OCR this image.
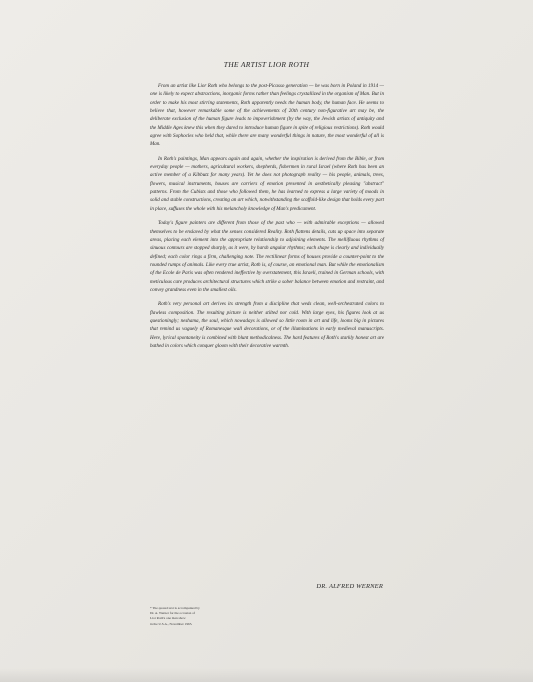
THE ARTIST LIOR ROTH

From an artist like Lior Roth who belongs to the post-Picasso generation — he was born in Poland in 1914 — one is likely to expect abstractions, inorganic forms rather than feelings crystallized in the organism of Man. But in order to make his most stirring statements, Roth apparently needs the human body, the human face. He seems to believe that, however remarkable some of the achievements of 20th century non-figurative art may be, the deliberate exclusion of the human figure leads to impoverishment (by the way, the Jewish artists of antiquity and the Middle Ages knew this when they dared to introduce human figure in spite of religious restrictions). Roth would agree with Sophocles who held that, while there are many wonderful things in nature, the most wonderful of all is Man.

In Roth's paintings, Man appears again and again, whether the inspiration is derived from the Bible, or from everyday people — mothers, agricultural workers, shepherds, fishermen in rural Israel (where Roth has been an active member of a Kibbutz for many years). Yet he does not photograph reality — his people, animals, trees, flowers, musical instruments, houses are carriers of emotion presented in aesthetically pleasing "abstract" patterns. From the Cubists and those who followed them, he has learned to express a large variety of moods in solid and stable constructions, creating an art which, notwithstanding the scaffold-like design that holds every part in place, suffuses the whole with his melancholy knowledge of Man's predicament.

Today's figure painters are different from those of the past who — with admirable exceptions — allowed themselves to be enslaved by what the senses considered Reality. Roth flattens details, cuts up space into separate areas, placing each element into the appropriate relationship to adjoining elements. The mellifluous rhythms of sinuous contours are stopped sharply, as it were, by harsh angular rhythms; each shape is clearly and individually defined; each color rings a firm, challenging note. The rectilinear forms of houses provide a counter-point to the rounded rumps of animals. Like every true artist, Roth is, of course, an emotional man. But while the emotionalism of the Ecole de Paris was often rendered ineffective by overstatement, this Israeli, trained in German schools, with meticulous care produces architectural structures which strike a sober balance between emotion and restraint, and convey grandness even in the smallest oils.

Roth's very personal art derives its strength from a discipline that weds clean, well-orchestrated colors to flawless composition. The resulting picture is neither stilted nor cold. With large eyes, his figures look at us questioningly; neshama, the soul, which nowadays is allowed so little room in art and life, looms big in pictures that remind us vaguely of Romanesque wall decorations, or of the illuminations in early medieval manuscripts. Here, lyrical spontaneity is combined with blunt methodicalness. The hard features of Roth's starkly honest art are bathed in colors which conquer gloom with their decorative warmth.

DR. ALFRED WERNER
* The quoted text is accompanied by
Dr. A. Werner for the occasion of
Lior Roth's one man show
in the U.S.A., November 1965.
